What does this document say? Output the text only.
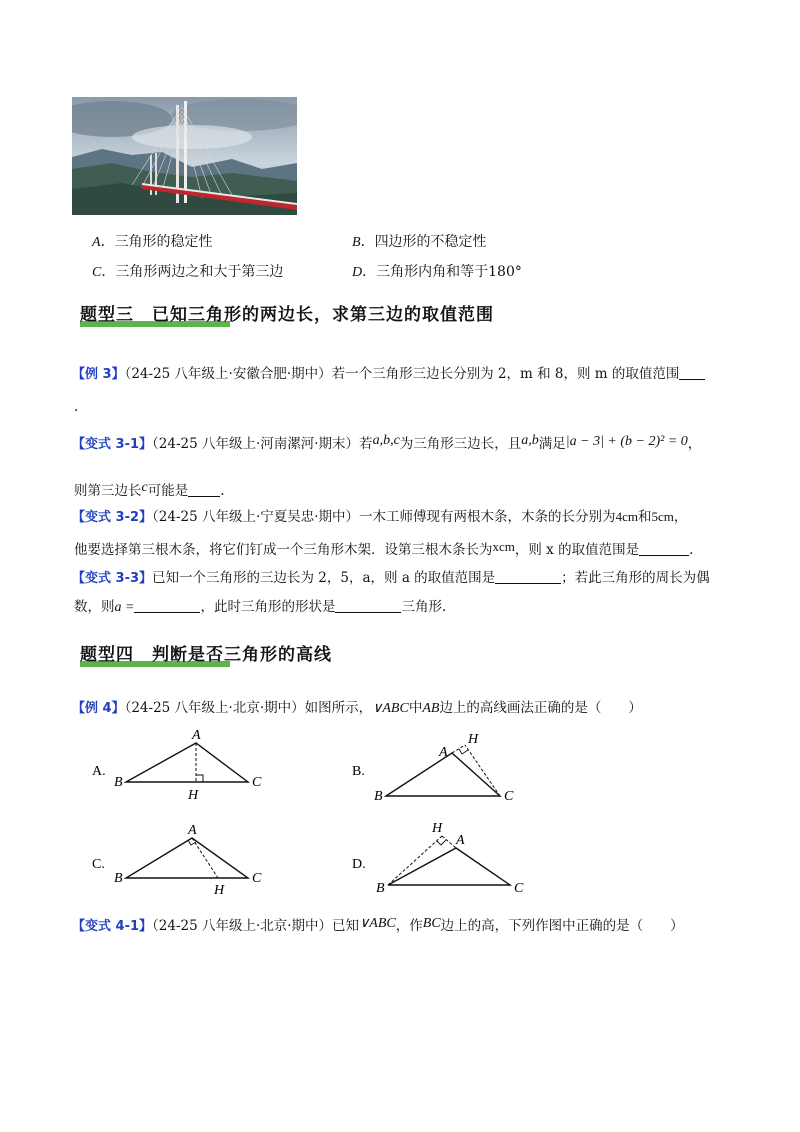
A．三角形的稳定性	B．四边形的不稳定性
C．三角形两边之和大于第三边	D．三角形内角和等于180°
题型三　已知三角形的两边长，求第三边的取值范围
【例 3】（24-25 八年级上·安徽合肥·期中）若一个三角形三边长分别为 2，m 和 8，则 m 的取值范围
.
【变式 3-1】（24-25 八年级上·河南漯河·期末）若a,b,c为三角形三边长，且a,b满足|a − 3| + (b − 2)² = 0，
则第三边长c可能是 .
【变式 3-2】（24-25 八年级上·宁夏吴忠·期中）一木工师傅现有两根木条，木条的长分别为4cm和5cm，
他要选择第三根木条，将它们钉成一个三角形木架．设第三根木条长为xcm，则 x 的取值范围是	.
【变式 3-3】已知一个三角形的三边长为 2，5，a，则 a 的取值范围是	；若此三角形的周长为偶
数，则a =	，此时三角形的形状是	三角形.
题型四　判断是否三角形的高线
【例 4】（24-25 八年级上·北京·期中）如图所示，∨ABC中AB边上的高线画法正确的是（　　）
A.
A
B	C
H
B.
A
H
B	C
C.
A
B	C
H
D.
H
A
B	C
【变式 4-1】（24-25 八年级上·北京·期中）已知∨ABC，作BC边上的高，下列作图中正确的是（　　）
